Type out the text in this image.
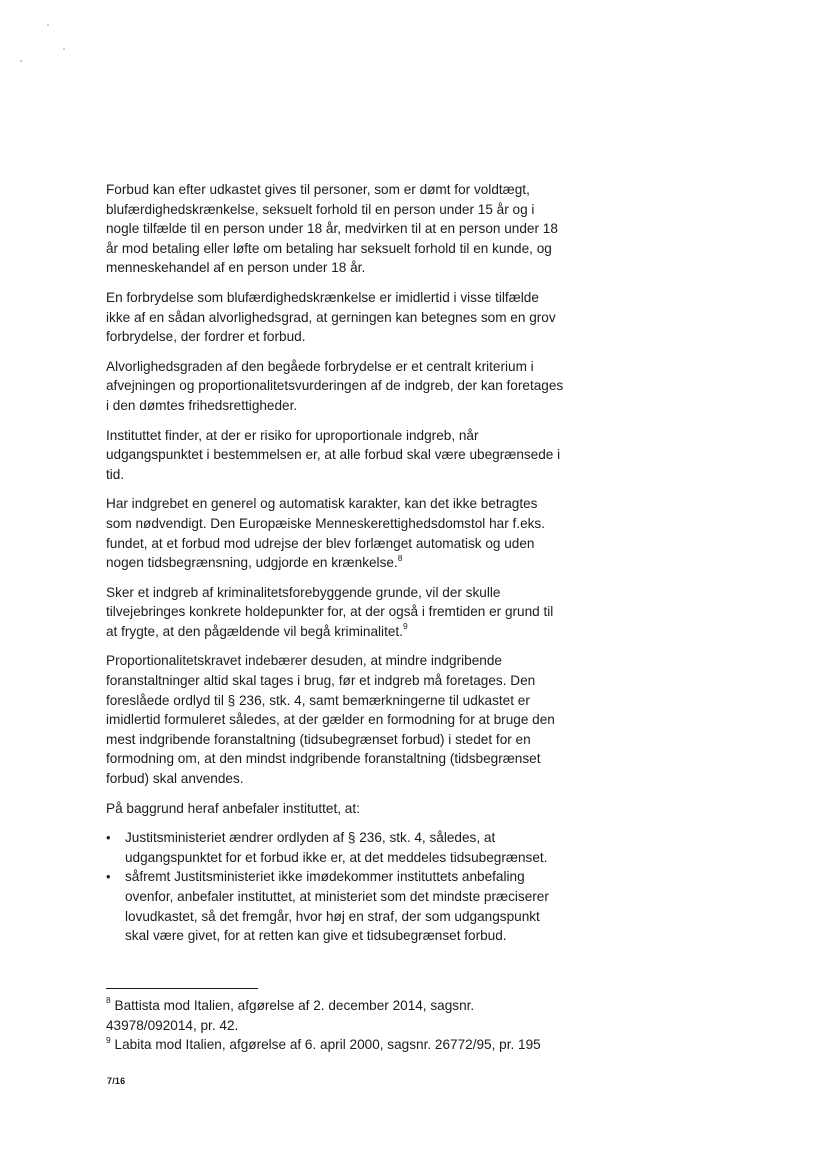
Forbud kan efter udkastet gives til personer, som er dømt for voldtægt, blufærdighedskrænkelse, seksuelt forhold til en person under 15 år og i nogle tilfælde til en person under 18 år, medvirken til at en person under 18 år mod betaling eller løfte om betaling har seksuelt forhold til en kunde, og menneskehandel af en person under 18 år.

En forbrydelse som blufærdighedskrænkelse er imidlertid i visse tilfælde ikke af en sådan alvorlighedsgrad, at gerningen kan betegnes som en grov forbrydelse, der fordrer et forbud.

Alvorlighedsgraden af den begåede forbrydelse er et centralt kriterium i afvejningen og proportionalitetsvurderingen af de indgreb, der kan foretages i den dømtes frihedsrettigheder.

Instituttet finder, at der er risiko for uproportionale indgreb, når udgangspunktet i bestemmelsen er, at alle forbud skal være ubegrænsede i tid.

Har indgrebet en generel og automatisk karakter, kan det ikke betragtes som nødvendigt. Den Europæiske Menneskerettighedsdomstol har f.eks. fundet, at et forbud mod udrejse der blev forlænget automatisk og uden nogen tidsbegrænsning, udgjorde en krænkelse.$^8$

Sker et indgreb af kriminalitetsforebyggende grunde, vil der skulle tilvejebringes konkrete holdepunkter for, at der også i fremtiden er grund til at frygte, at den pågældende vil begå kriminalitet.$^9$

Proportionalitetskravet indebærer desuden, at mindre indgribende foranstaltninger altid skal tages i brug, før et indgreb må foretages. Den foreslåede ordlyd til § 236, stk. 4, samt bemærkningerne til udkastet er imidlertid formuleret således, at der gælder en formodning for at bruge den mest indgribende foranstaltning (tidsubegrænset forbud) i stedet for en formodning om, at den mindst indgribende foranstaltning (tidsbegrænset forbud) skal anvendes.

På baggrund heraf anbefaler instituttet, at:

• Justitsministeriet ændrer ordlyden af § 236, stk. 4, således, at udgangspunktet for et forbud ikke er, at det meddeles tidsubegrænset.
• såfremt Justitsministeriet ikke imødekommer instituttets anbefaling ovenfor, anbefaler instituttet, at ministeriet som det mindste præciserer lovudkastet, så det fremgår, hvor høj en straf, der som udgangspunkt skal være givet, for at retten kan give et tidsubegrænset forbud.

$^8$ Battista mod Italien, afgørelse af 2. december 2014, sagsnr. 43978/092014, pr. 42.

$^9$ Labita mod Italien, afgørelse af 6. april 2000, sagsnr. 26772/95, pr. 195

7/16
